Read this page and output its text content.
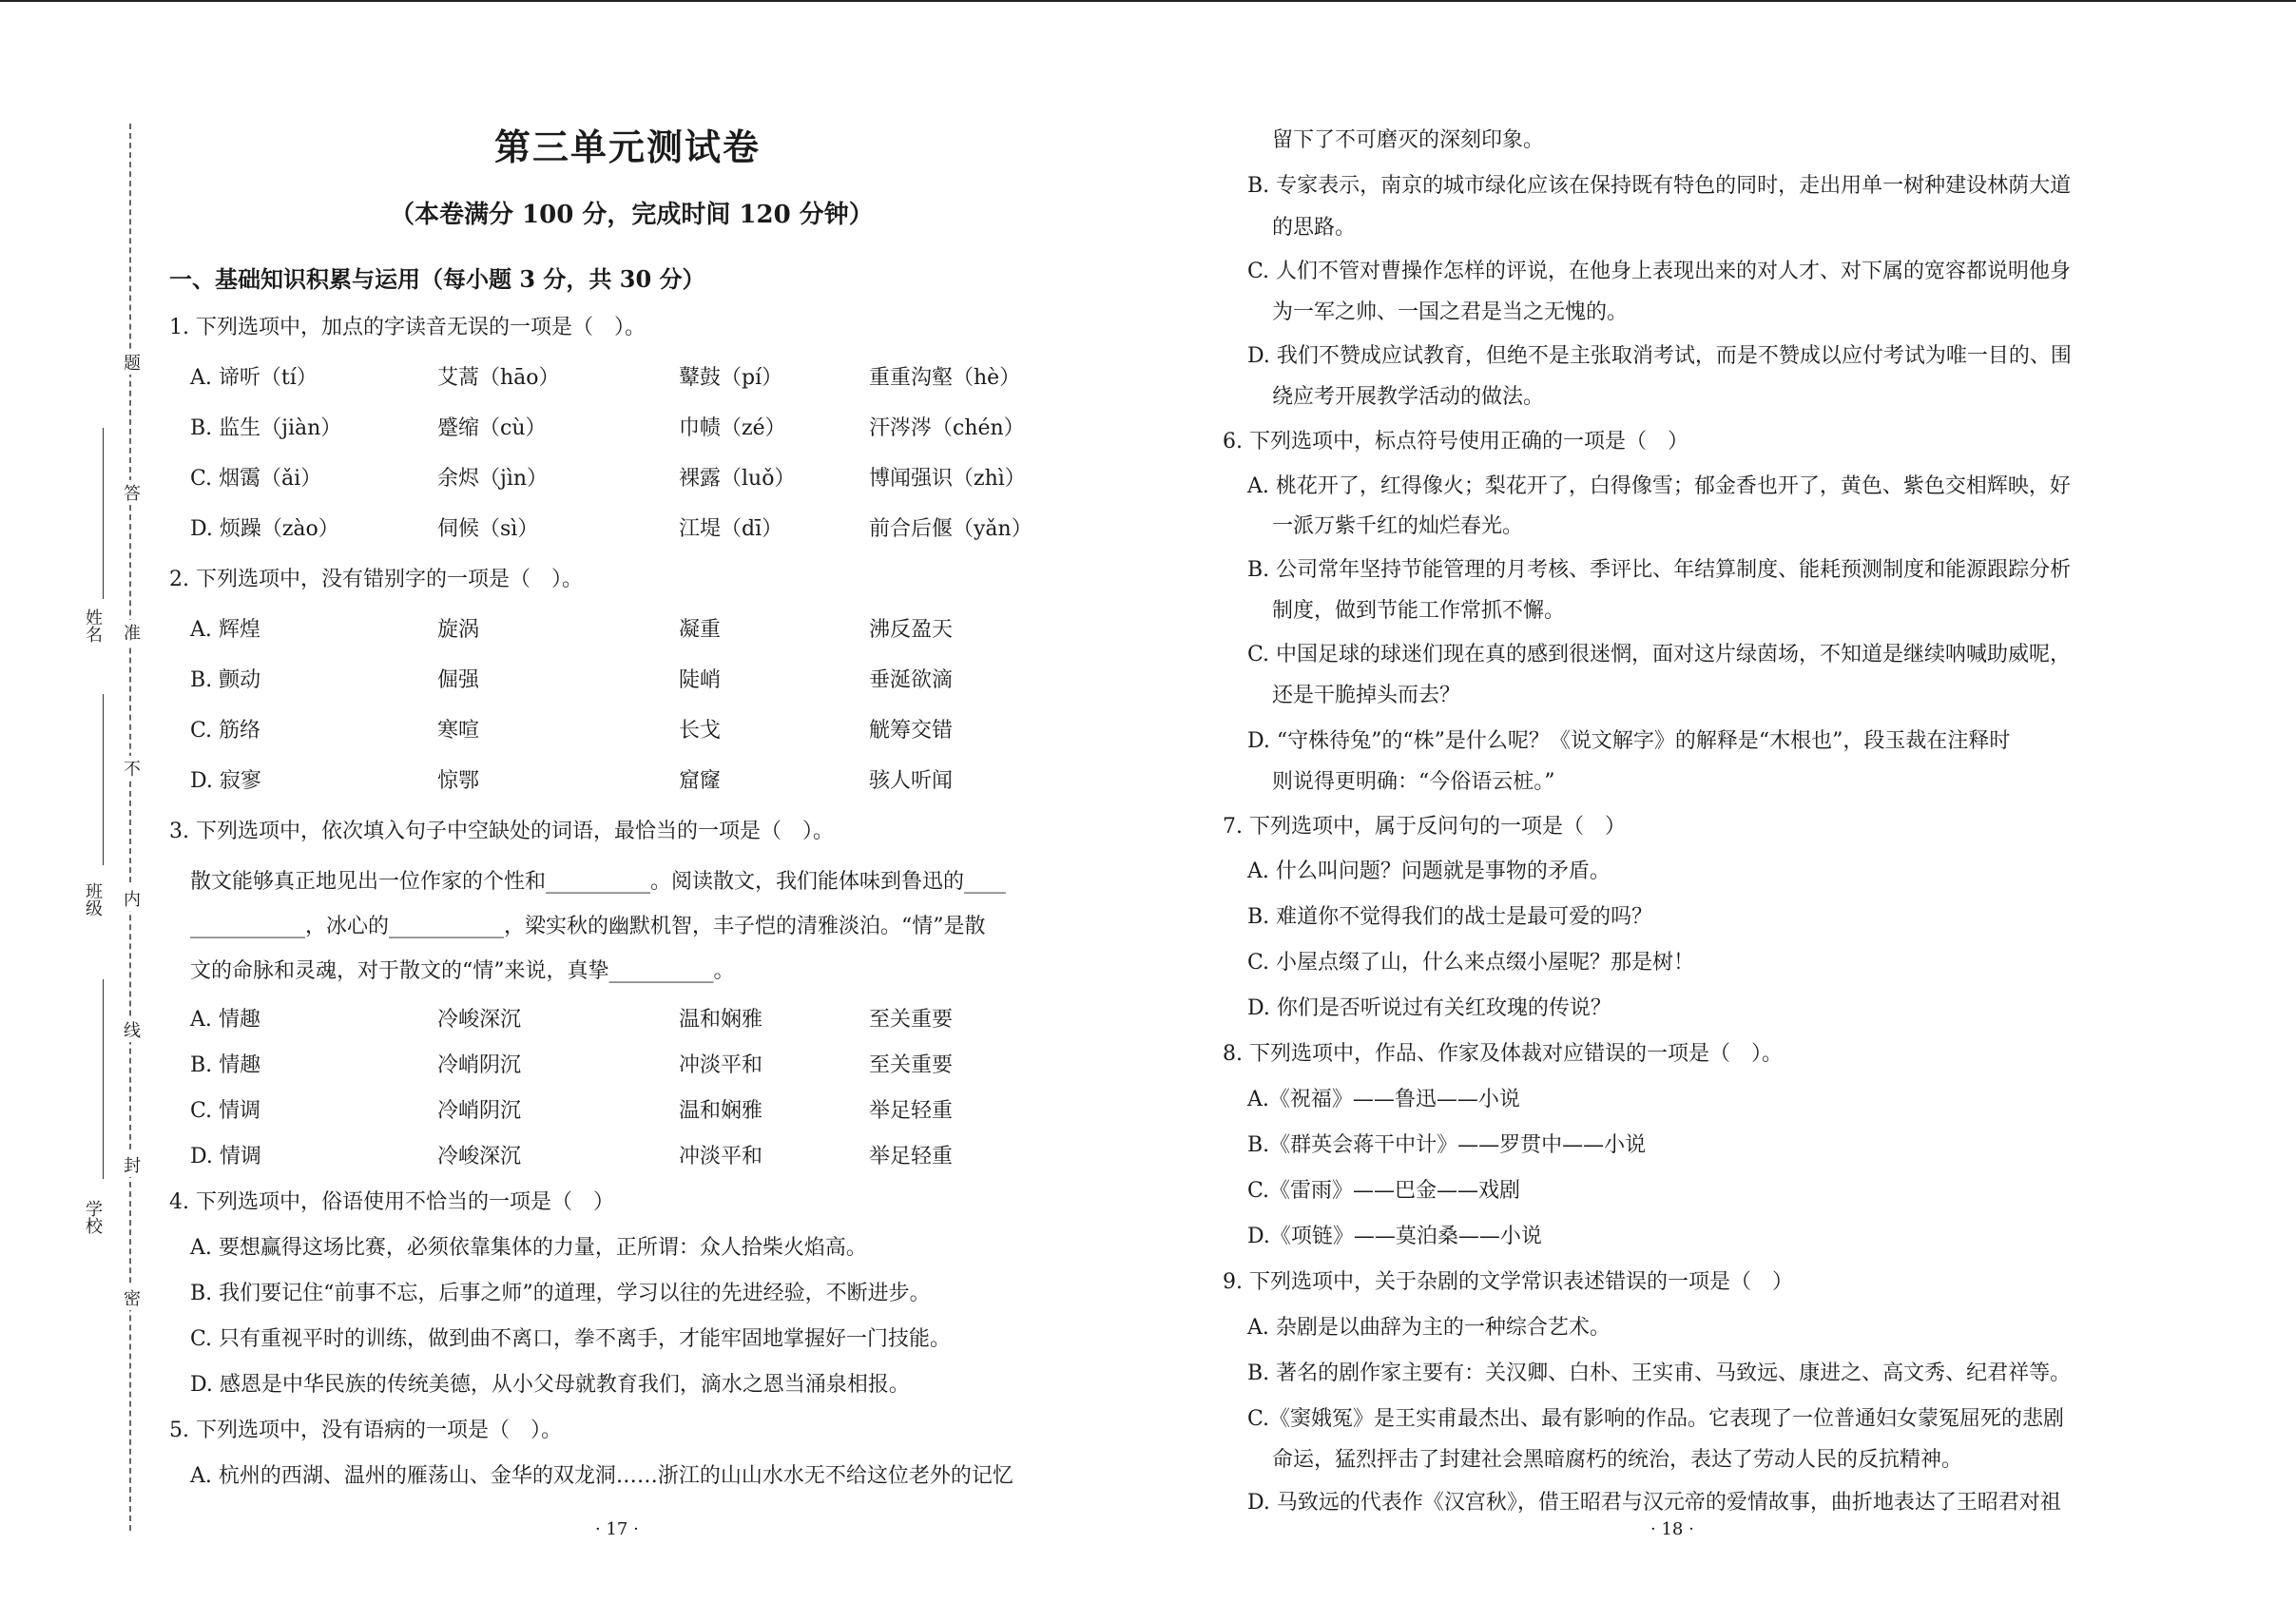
姓名
班级
学校
题
答
准
不
内
线
封
密
第三单元测试卷
（本卷满分 100 分，完成时间 120 分钟）
一、基础知识积累与运用（每小题 3 分，共 30 分）
1. 下列选项中，加点的字读音无误的一项是（　）。
A. 谛听（tí）	艾蒿（hāo）	鼙鼓（pí）	重重沟壑（hè）
B. 监生（jiàn）	蹙缩（cù）	巾帻（zé）	汗涔涔（chén）
C. 烟霭（ǎi）	余烬（jìn）	裸露（luǒ）	博闻强识（zhì）
D. 烦躁（zào）	伺候（sì）	江堤（dī）	前合后偃（yǎn）
2. 下列选项中，没有错别字的一项是（　）。
A. 辉煌	旋涡	凝重	沸反盈天
B. 颤动	倔强	陡峭	垂涎欲滴
C. 筋络	寒喧	长戈	觥筹交错
D. 寂寥	惊鄂	窟窿	骇人听闻
3. 下列选项中，依次填入句子中空缺处的词语，最恰当的一项是（　）。
散文能够真正地见出一位作家的个性和__________。阅读散文，我们能体味到鲁迅的____
___________，冰心的___________，梁实秋的幽默机智，丰子恺的清雅淡泊。“情”是散
文的命脉和灵魂，对于散文的“情”来说，真挚__________。
A. 情趣	冷峻深沉	温和娴雅	至关重要
B. 情趣	冷峭阴沉	冲淡平和	至关重要
C. 情调	冷峭阴沉	温和娴雅	举足轻重
D. 情调	冷峻深沉	冲淡平和	举足轻重
4. 下列选项中，俗语使用不恰当的一项是（　）
A. 要想赢得这场比赛，必须依靠集体的力量，正所谓：众人拾柴火焰高。
B. 我们要记住“前事不忘，后事之师”的道理，学习以往的先进经验，不断进步。
C. 只有重视平时的训练，做到曲不离口，拳不离手，才能牢固地掌握好一门技能。
D. 感恩是中华民族的传统美德，从小父母就教育我们，滴水之恩当涌泉相报。
5. 下列选项中，没有语病的一项是（　）。
A. 杭州的西湖、温州的雁荡山、金华的双龙洞……浙江的山山水水无不给这位老外的记忆
· 17 ·
留下了不可磨灭的深刻印象。
B. 专家表示，南京的城市绿化应该在保持既有特色的同时，走出用单一树种建设林荫大道
的思路。
C. 人们不管对曹操作怎样的评说，在他身上表现出来的对人才、对下属的宽容都说明他身
为一军之帅、一国之君是当之无愧的。
D. 我们不赞成应试教育，但绝不是主张取消考试，而是不赞成以应付考试为唯一目的、围
绕应考开展教学活动的做法。
6. 下列选项中，标点符号使用正确的一项是（　）
A. 桃花开了，红得像火；梨花开了，白得像雪；郁金香也开了，黄色、紫色交相辉映，好
一派万紫千红的灿烂春光。
B. 公司常年坚持节能管理的月考核、季评比、年结算制度、能耗预测制度和能源跟踪分析
制度，做到节能工作常抓不懈。
C. 中国足球的球迷们现在真的感到很迷惘，面对这片绿茵场，不知道是继续呐喊助威呢，
还是干脆掉头而去？
D. “守株待兔”的“株”是什么呢？《说文解字》的解释是“木根也”，段玉裁在注释时
则说得更明确：“今俗语云桩。”
7. 下列选项中，属于反问句的一项是（　）
A. 什么叫问题？问题就是事物的矛盾。
B. 难道你不觉得我们的战士是最可爱的吗？
C. 小屋点缀了山，什么来点缀小屋呢？那是树！
D. 你们是否听说过有关红玫瑰的传说？
8. 下列选项中，作品、作家及体裁对应错误的一项是（　）。
A.《祝福》——鲁迅——小说
B.《群英会蒋干中计》——罗贯中——小说
C.《雷雨》——巴金——戏剧
D.《项链》——莫泊桑——小说
9. 下列选项中，关于杂剧的文学常识表述错误的一项是（　）
A. 杂剧是以曲辞为主的一种综合艺术。
B. 著名的剧作家主要有：关汉卿、白朴、王实甫、马致远、康进之、高文秀、纪君祥等。
C.《窦娥冤》是王实甫最杰出、最有影响的作品。它表现了一位普通妇女蒙冤屈死的悲剧
命运，猛烈抨击了封建社会黑暗腐朽的统治，表达了劳动人民的反抗精神。
D. 马致远的代表作《汉宫秋》，借王昭君与汉元帝的爱情故事，曲折地表达了王昭君对祖
· 18 ·
